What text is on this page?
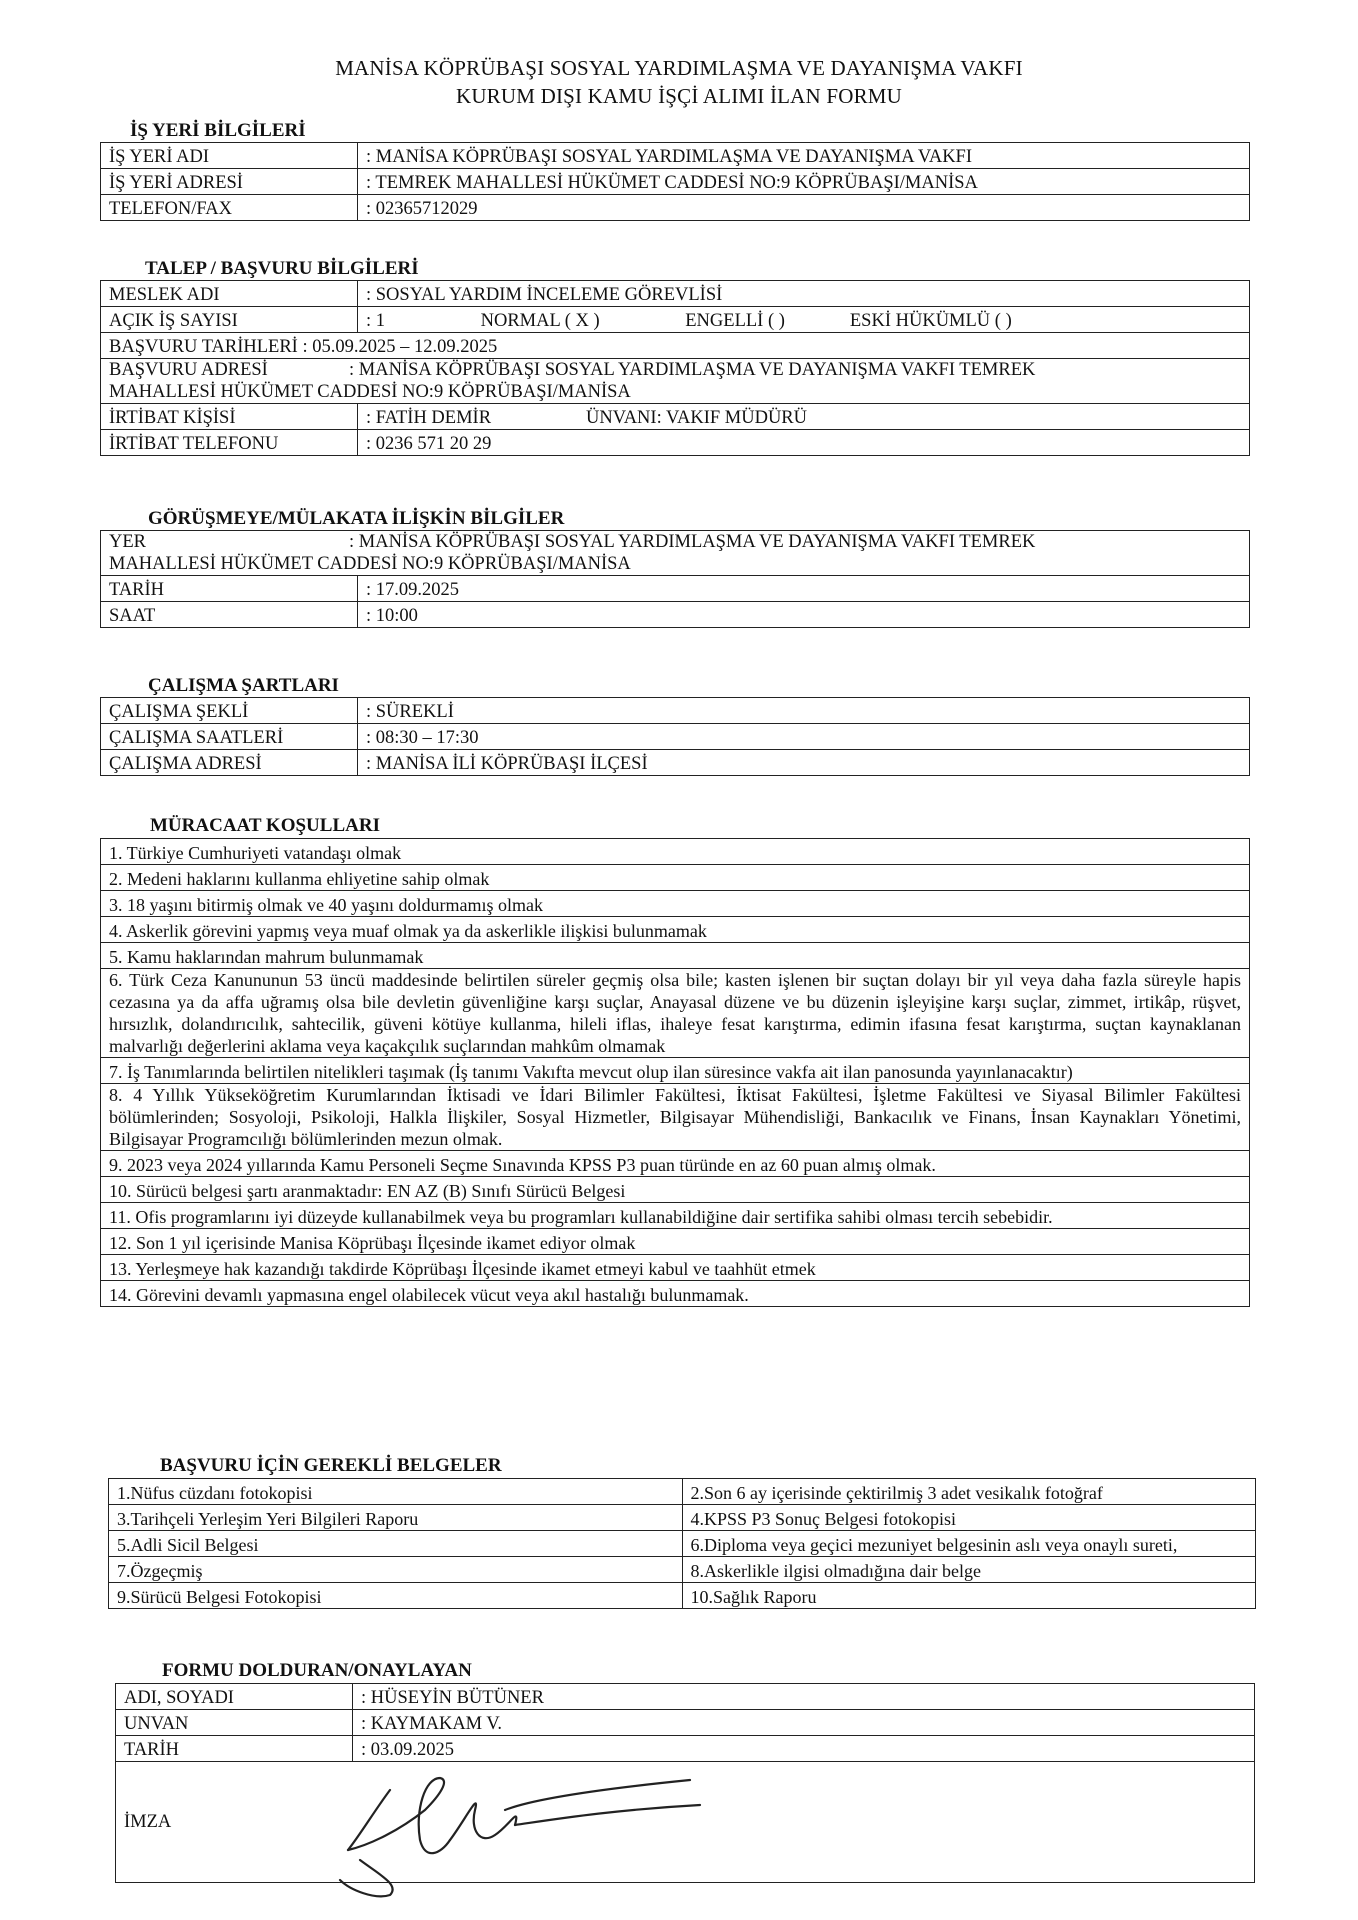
MANİSA KÖPRÜBAŞI SOSYAL YARDIMLAŞMA VE DAYANIŞMA VAKFI
KURUM DIŞI KAMU İŞÇİ ALIMI İLAN FORMU
İŞ YERİ BİLGİLERİ
İŞ YERİ ADI	: MANİSA KÖPRÜBAŞI SOSYAL YARDIMLAŞMA VE DAYANIŞMA VAKFI
İŞ YERİ ADRESİ	: TEMREK MAHALLESİ HÜKÜMET CADDESİ NO:9 KÖPRÜBAŞI/MANİSA
TELEFON/FAX	: 02365712029
TALEP / BAŞVURU BİLGİLERİ
MESLEK ADI	: SOSYAL YARDIM İNCELEME GÖREVLİSİ
AÇIK İŞ SAYISI	: 1 NORMAL ( X ) ENGELLİ ( ) ESKİ HÜKÜMLÜ ( )
BAŞVURU TARİHLERİ : 05.09.2025 – 12.09.2025	

BAŞVURU ADRESİ : MANİSA KÖPRÜBAŞI SOSYAL YARDIMLAŞMA VE DAYANIŞMA VAKFI TEMREK
MAHALLESİ HÜKÜMET CADDESİ NO:9 KÖPRÜBAŞI/MANİSA	

İRTİBAT KİŞİSİ	: FATİH DEMİR ÜNVANI: VAKIF MÜDÜRÜ
İRTİBAT TELEFONU	: 0236 571 20 29
GÖRÜŞMEYE/MÜLAKATA İLİŞKİN BİLGİLER
YER : MANİSA KÖPRÜBAŞI SOSYAL YARDIMLAŞMA VE DAYANIŞMA VAKFI TEMREK
MAHALLESİ HÜKÜMET CADDESİ NO:9 KÖPRÜBAŞI/MANİSA	

TARİH	: 17.09.2025
SAAT	: 10:00
ÇALIŞMA ŞARTLARI
ÇALIŞMA ŞEKLİ	: SÜREKLİ
ÇALIŞMA SAATLERİ	: 08:30 – 17:30
ÇALIŞMA ADRESİ	: MANİSA İLİ KÖPRÜBAŞI İLÇESİ
MÜRACAAT KOŞULLARI
1. Türkiye Cumhuriyeti vatandaşı olmak
2. Medeni haklarını kullanma ehliyetine sahip olmak
3. 18 yaşını bitirmiş olmak ve 40 yaşını doldurmamış olmak
4. Askerlik görevini yapmış veya muaf olmak ya da askerlikle ilişkisi bulunmamak
5. Kamu haklarından mahrum bulunmamak
6. Türk Ceza Kanununun 53 üncü maddesinde belirtilen süreler geçmiş olsa bile; kasten işlenen bir suçtan dolayı bir yıl veya daha fazla süreyle hapis cezasına ya da affa uğramış olsa bile devletin güvenliğine karşı suçlar, Anayasal düzene ve bu düzenin işleyişine karşı suçlar, zimmet, irtikâp, rüşvet, hırsızlık, dolandırıcılık, sahtecilik, güveni kötüye kullanma, hileli iflas, ihaleye fesat karıştırma, edimin ifasına fesat karıştırma, suçtan kaynaklanan malvarlığı değerlerini aklama veya kaçakçılık suçlarından mahkûm olmamak
7. İş Tanımlarında belirtilen nitelikleri taşımak (İş tanımı Vakıfta mevcut olup ilan süresince vakfa ait ilan panosunda yayınlanacaktır)
8. 4 Yıllık Yükseköğretim Kurumlarından İktisadi ve İdari Bilimler Fakültesi, İktisat Fakültesi, İşletme Fakültesi ve Siyasal Bilimler Fakültesi bölümlerinden; Sosyoloji, Psikoloji, Halkla İlişkiler, Sosyal Hizmetler, Bilgisayar Mühendisliği, Bankacılık ve Finans, İnsan Kaynakları Yönetimi, Bilgisayar Programcılığı bölümlerinden mezun olmak.
9. 2023 veya 2024 yıllarında Kamu Personeli Seçme Sınavında KPSS P3 puan türünde en az 60 puan almış olmak.
10. Sürücü belgesi şartı aranmaktadır: EN AZ (B) Sınıfı Sürücü Belgesi
11. Ofis programlarını iyi düzeyde kullanabilmek veya bu programları kullanabildiğine dair sertifika sahibi olması tercih sebebidir.
12. Son 1 yıl içerisinde Manisa Köprübaşı İlçesinde ikamet ediyor olmak
13. Yerleşmeye hak kazandığı takdirde Köprübaşı İlçesinde ikamet etmeyi kabul ve taahhüt etmek
14. Görevini devamlı yapmasına engel olabilecek vücut veya akıl hastalığı bulunmamak.
BAŞVURU İÇİN GEREKLİ BELGELER
1.Nüfus cüzdanı fotokopisi	2.Son 6 ay içerisinde çektirilmiş 3 adet vesikalık fotoğraf
3.Tarihçeli Yerleşim Yeri Bilgileri Raporu	4.KPSS P3 Sonuç Belgesi fotokopisi
5.Adli Sicil Belgesi	6.Diploma veya geçici mezuniyet belgesinin aslı veya onaylı sureti,
7.Özgeçmiş	8.Askerlikle ilgisi olmadığına dair belge
9.Sürücü Belgesi Fotokopisi	10.Sağlık Raporu
FORMU DOLDURAN/ONAYLAYAN
ADI, SOYADI	: HÜSEYİN BÜTÜNER
UNVAN	: KAYMAKAM V.
TARİH	: 03.09.2025
İMZA	
